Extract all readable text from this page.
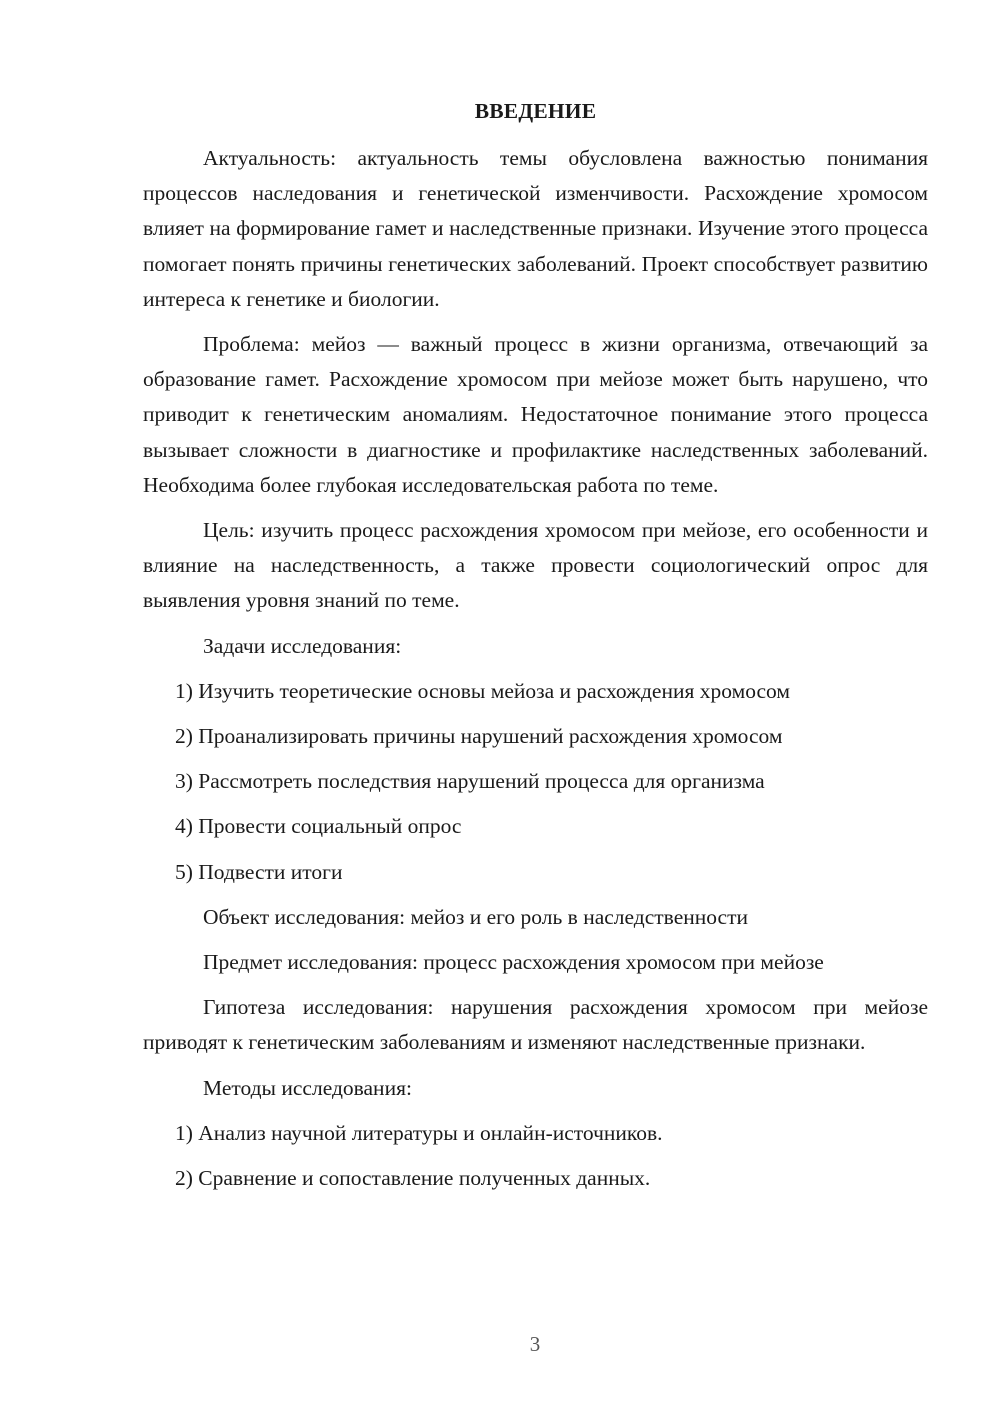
ВВЕДЕНИЕ

Актуальность: актуальность темы обусловлена важностью понимания процессов наследования и генетической изменчивости. Расхождение хромосом влияет на формирование гамет и наследственные признаки. Изучение этого процесса помогает понять причины генетических заболеваний. Проект способствует развитию интереса к генетике и биологии.

Проблема: мейоз — важный процесс в жизни организма, отвечающий за образование гамет. Расхождение хромосом при мейозе может быть нарушено, что приводит к генетическим аномалиям. Недостаточное понимание этого процесса вызывает сложности в диагностике и профилактике наследственных заболеваний. Необходима более глубокая исследовательская работа по теме.

Цель: изучить процесс расхождения хромосом при мейозе, его особенности и влияние на наследственность, а также провести социологический опрос для выявления уровня знаний по теме.

Задачи исследования:
1) Изучить теоретические основы мейоза и расхождения хромосом
2) Проанализировать причины нарушений расхождения хромосом
3) Рассмотреть последствия нарушений процесса для организма
4) Провести социальный опрос
5) Подвести итоги
Объект исследования: мейоз и его роль в наследственности
Предмет исследования: процесс расхождения хромосом при мейозе

Гипотеза исследования: нарушения расхождения хромосом при мейозе приводят к генетическим заболеваниям и изменяют наследственные признаки.

Методы исследования:
1) Анализ научной литературы и онлайн-источников.
2) Сравнение и сопоставление полученных данных.
3
